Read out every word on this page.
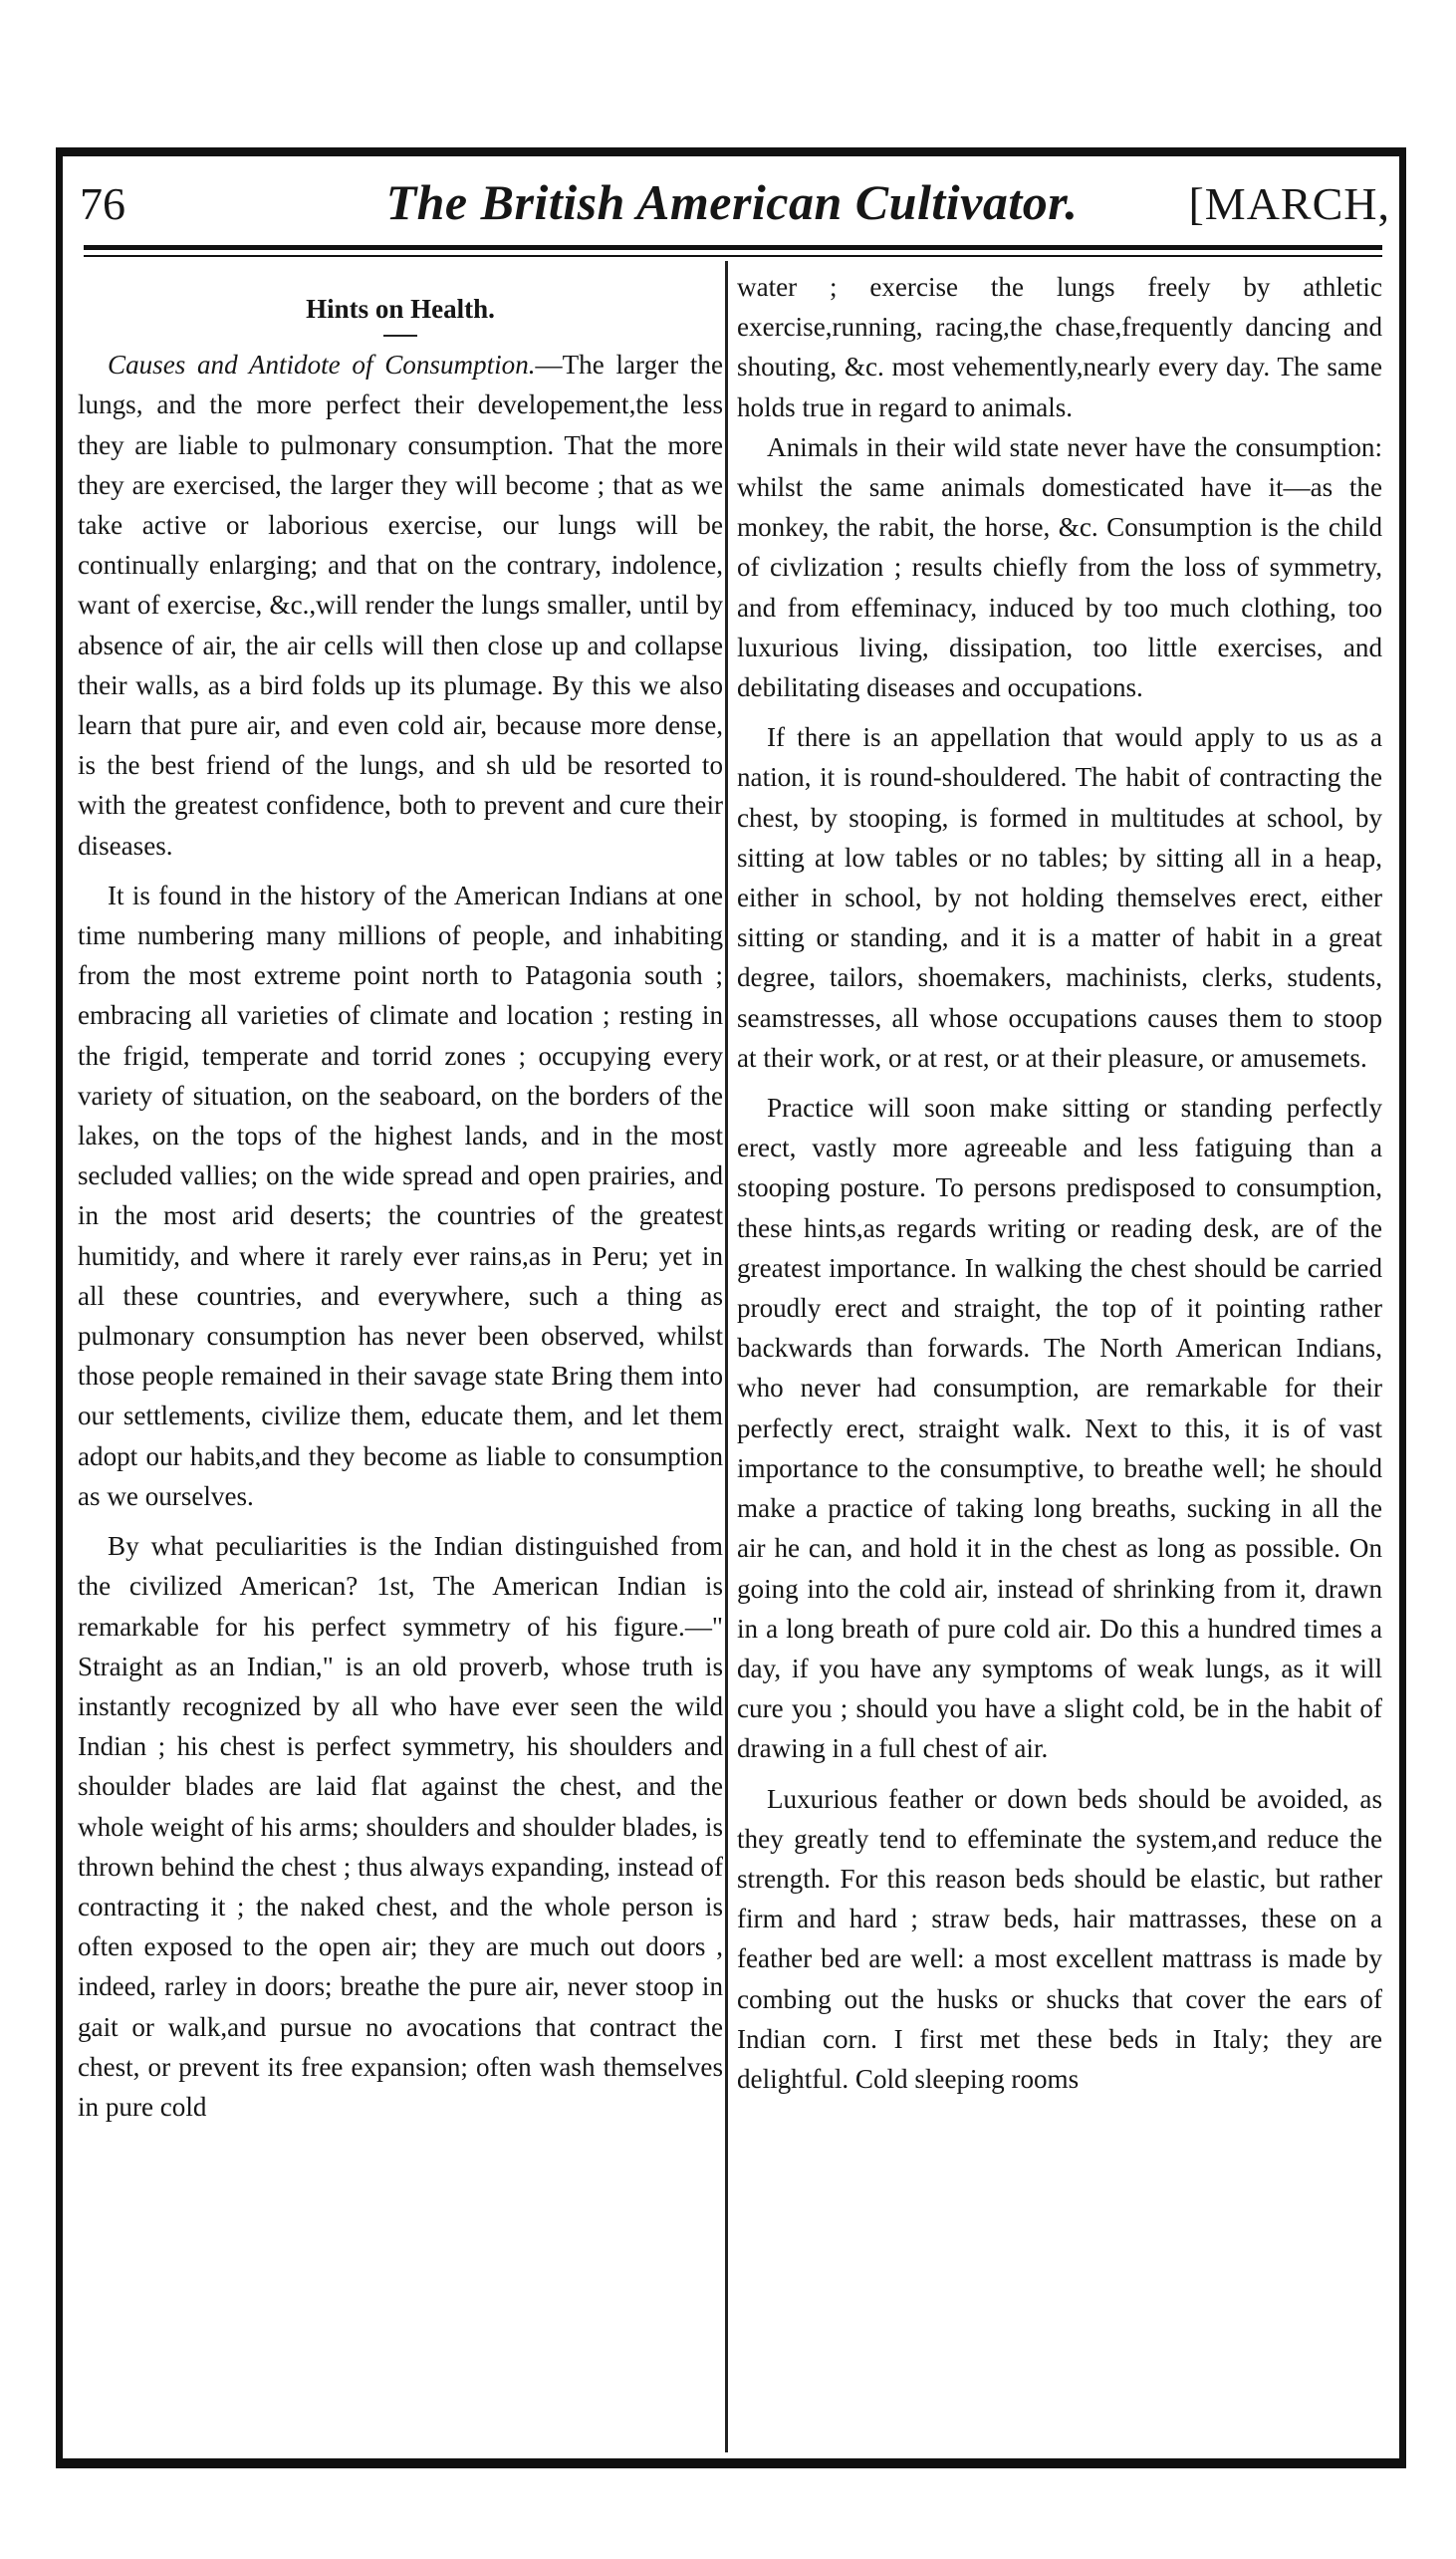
76	The British American Cultivator.	[MARCH,
Hints on Health.

Causes and Antidote of Consumption.—The larger the lungs, and the more perfect their developement,the less they are liable to pulmonary consumption. That the more they are exercised, the larger they will become ; that as we take active or laborious exercise, our lungs will be continually enlarging; and that on the contrary, indolence, want of exercise, &c.,will render the lungs smaller, until by absence of air, the air cells will then close up and collapse their walls, as a bird folds up its plumage. By this we also learn that pure air, and even cold air, because more dense, is the best friend of the lungs, and sh uld be resorted to with the greatest confidence, both to prevent and cure their diseases.

It is found in the history of the American Indians at one time numbering many millions of people, and inhabiting from the most extreme point north to Patagonia south ; embracing all varieties of climate and location ; resting in the frigid, temperate and torrid zones ; occupying every variety of situation, on the seaboard, on the borders of the lakes, on the tops of the highest lands, and in the most secluded vallies; on the wide spread and open prairies, and in the most arid deserts; the countries of the greatest humitidy, and where it rarely ever rains,as in Peru; yet in all these countries, and everywhere, such a thing as pulmonary consumption has never been observed, whilst those people remained in their savage state Bring them into our settlements, civilize them, educate them, and let them adopt our habits,and they become as liable to consumption as we ourselves.

By what peculiarities is the Indian distinguished from the civilized American? 1st, The American Indian is remarkable for his perfect symmetry of his figure.—" Straight as an Indian," is an old proverb, whose truth is instantly recognized by all who have ever seen the wild Indian ; his chest is perfect symmetry, his shoulders and shoulder blades are laid flat against the chest, and the whole weight of his arms; shoulders and shoulder blades, is thrown behind the chest ; thus always expanding, instead of contracting it ; the naked chest, and the whole person is often exposed to the open air; they are much out doors , indeed, rarley in doors; breathe the pure air, never stoop in gait or walk,and pursue no avocations that contract the chest, or prevent its free expansion; often wash themselves in pure cold

water ; exercise the lungs freely by athletic exercise,running, racing,the chase,frequently dancing and shouting, &c. most vehemently,nearly every day. The same holds true in regard to animals.

Animals in their wild state never have the consumption: whilst the same animals domesticated have it—as the monkey, the rabit, the horse, &c. Consumption is the child of civlization ; results chiefly from the loss of symmetry, and from effeminacy, induced by too much clothing, too luxurious living, dissipation, too little exercises, and debilitating diseases and occupations.

If there is an appellation that would apply to us as a nation, it is round-shouldered. The habit of contracting the chest, by stooping, is formed in multitudes at school, by sitting at low tables or no tables; by sitting all in a heap, either in school, by not holding themselves erect, either sitting or standing, and it is a matter of habit in a great degree, tailors, shoemakers, machinists, clerks, students, seamstresses, all whose occupations causes them to stoop at their work, or at rest, or at their pleasure, or amusemets.

Practice will soon make sitting or standing perfectly erect, vastly more agreeable and less fatiguing than a stooping posture. To persons predisposed to consumption, these hints,as regards writing or reading desk, are of the greatest importance. In walking the chest should be carried proudly erect and straight, the top of it pointing rather backwards than forwards. The North American Indians, who never had consumption, are remarkable for their perfectly erect, straight walk. Next to this, it is of vast importance to the consumptive, to breathe well; he should make a practice of taking long breaths, sucking in all the air he can, and hold it in the chest as long as possible. On going into the cold air, instead of shrinking from it, drawn in a long breath of pure cold air. Do this a hundred times a day, if you have any symptoms of weak lungs, as it will cure you ; should you have a slight cold, be in the habit of drawing in a full chest of air.

Luxurious feather or down beds should be avoided, as they greatly tend to effeminate the system,and reduce the strength. For this reason beds should be elastic, but rather firm and hard ; straw beds, hair mattrasses, these on a feather bed are well: a most excellent mattrass is made by combing out the husks or shucks that cover the ears of Indian corn. I first met these beds in Italy; they are delightful. Cold sleeping rooms
